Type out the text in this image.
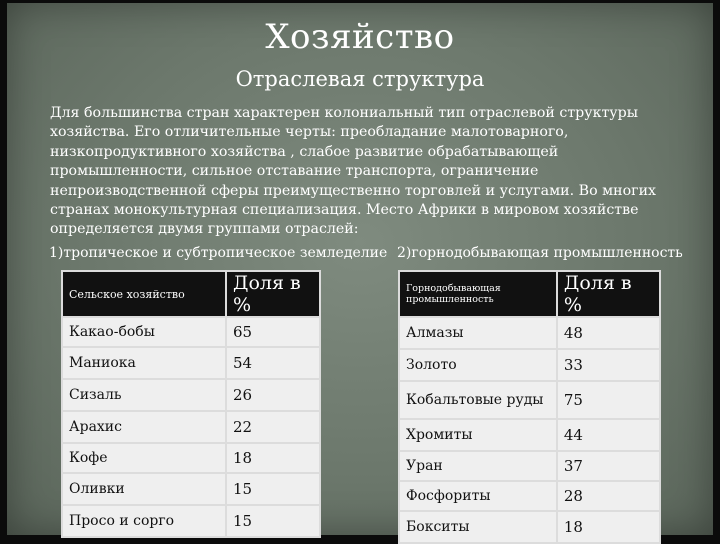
Хозяйство
Отраслевая структура
Для большинства стран характерен колониальный тип отраслевой структуры хозяйства. Его отличительные черты: преобладание малотоварного, низкопродуктивного хозяйства , слабое развитие обрабатывающей промышленности, сильное отставание транспорта, ограничение непроизводственной сферы преимущественно торговлей и услугами. Во многих странах монокультурная специализация. Место Африки в мировом хозяйстве определяется двумя группами отраслей:
1)тропическое и субтропическое земледелие 2)горнодобывающая промышленность
Сельское хозяйство	Доля в %
Какао-бобы	65
Маниока	54
Сизаль	26
Арахис	22
Кофе	18
Оливки	15
Просо и сорго	15
Горнодобывающая промышленность	Доля в %
Алмазы	48
Золото	33
Кобальтовые руды	75
Хромиты	44
Уран	37
Фосфориты	28
Бокситы	18
